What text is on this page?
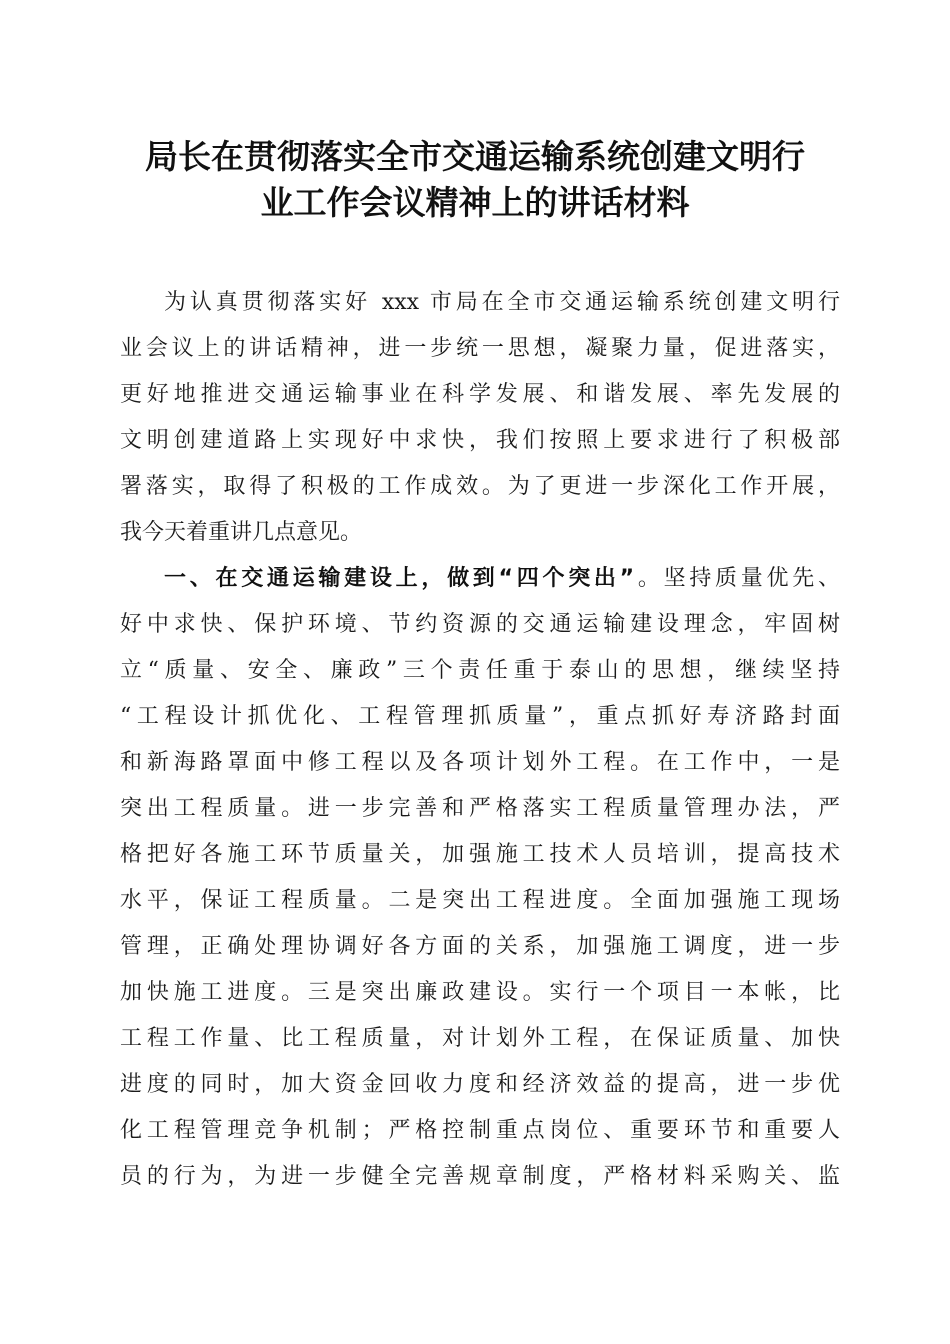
局长在贯彻落实全市交通运输系统创建文明行
业工作会议精神上的讲话材料
为认真贯彻落实好 xxx 市局在全市交通运输系统创建文明行
业会议上的讲话精神，进一步统一思想，凝聚力量，促进落实，
更好地推进交通运输事业在科学发展、和谐发展、率先发展的
文明创建道路上实现好中求快，我们按照上要求进行了积极部
署落实，取得了积极的工作成效。为了更进一步深化工作开展，
我今天着重讲几点意见。
一、在交通运输建设上，做到“四个突出”。坚持质量优先、
好中求快、保护环境、节约资源的交通运输建设理念，牢固树
立“质量、安全、廉政”三个责任重于泰山的思想，继续坚持
“工程设计抓优化、工程管理抓质量”，重点抓好寿济路封面
和新海路罩面中修工程以及各项计划外工程。在工作中，一是
突出工程质量。进一步完善和严格落实工程质量管理办法，严
格把好各施工环节质量关，加强施工技术人员培训，提高技术
水平，保证工程质量。二是突出工程进度。全面加强施工现场
管理，正确处理协调好各方面的关系，加强施工调度，进一步
加快施工进度。三是突出廉政建设。实行一个项目一本帐，比
工程工作量、比工程质量，对计划外工程，在保证质量、加快
进度的同时，加大资金回收力度和经济效益的提高，进一步优
化工程管理竞争机制；严格控制重点岗位、重要环节和重要人
员的行为，为进一步健全完善规章制度，严格材料采购关、监
